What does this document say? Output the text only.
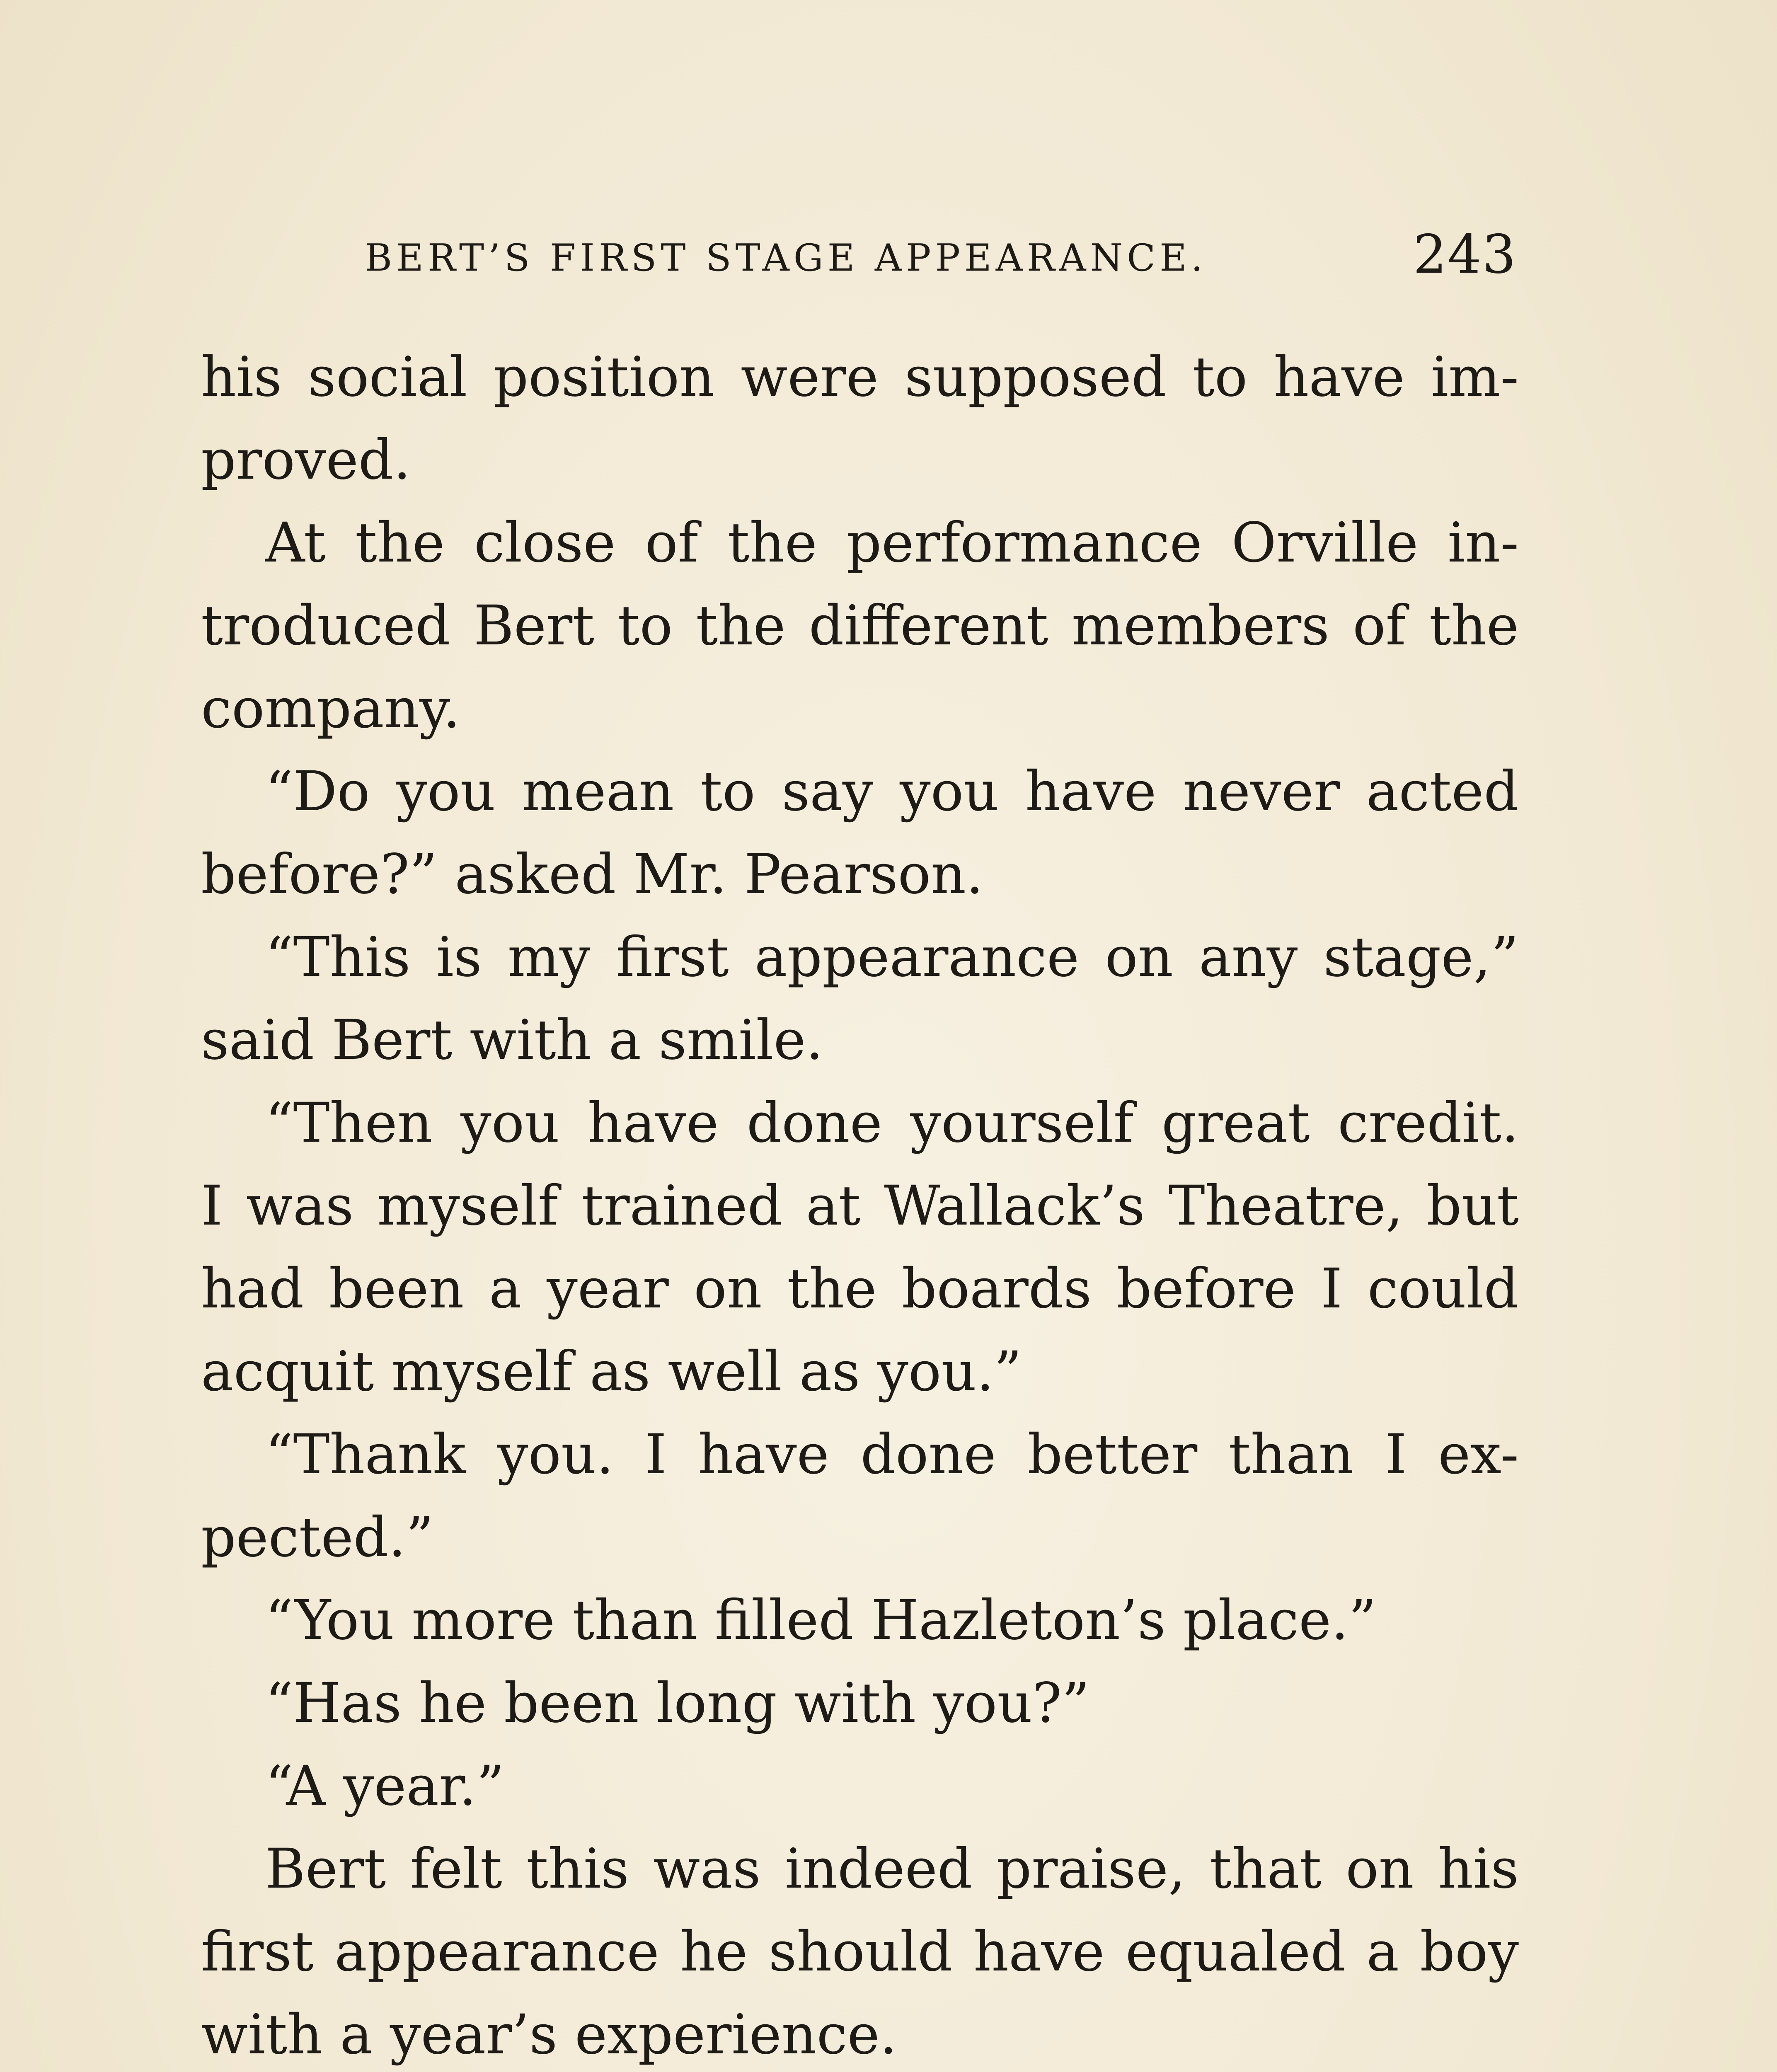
BERT’S FIRST STAGE APPEARANCE.	243
his social position were supposed to have im-
proved.
At the close of the performance Orville in-
troduced Bert to the different members of the
company.
“Do you mean to say you have never acted
before?” asked Mr. Pearson.
“This is my first appearance on any stage,”
said Bert with a smile.
“Then you have done yourself great credit.
I was myself trained at Wallack’s Theatre, but
had been a year on the boards before I could
acquit myself as well as you.”
“Thank you. I have done better than I ex-
pected.”
“You more than filled Hazleton’s place.”
“Has he been long with you?”
“A year.”
Bert felt this was indeed praise, that on his
first appearance he should have equaled a boy
with a year’s experience.
